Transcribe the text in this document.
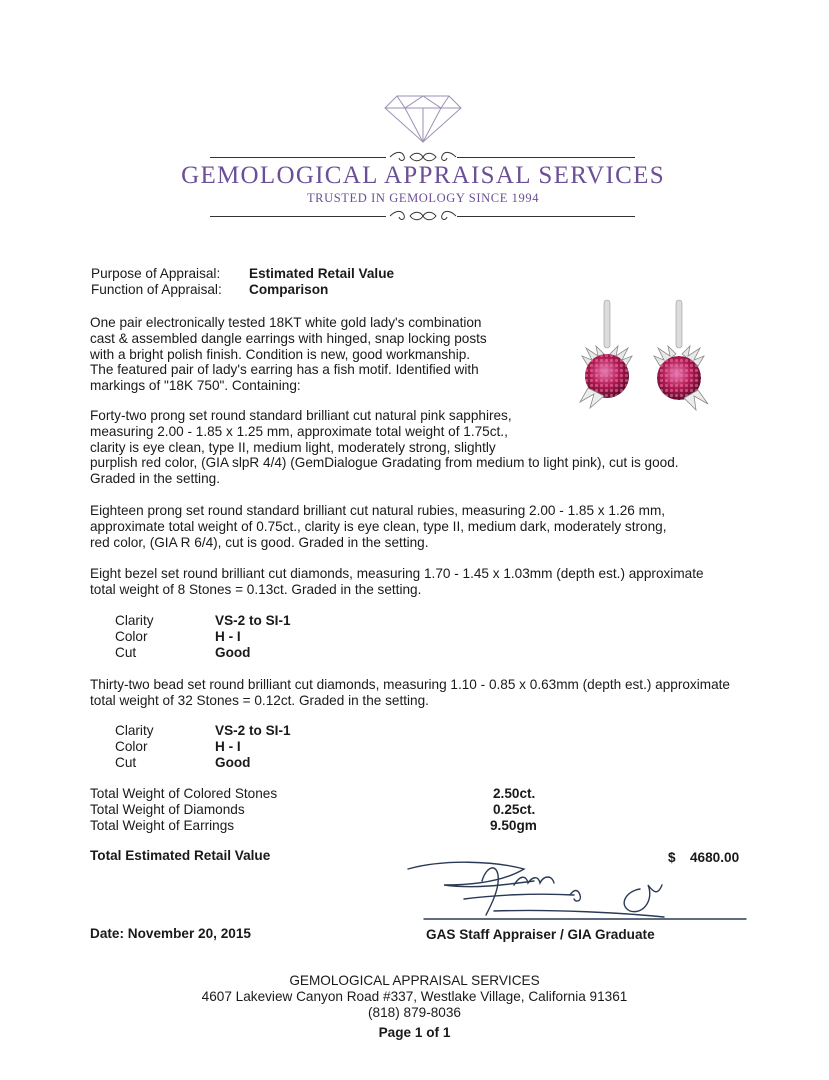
GEMOLOGICAL APPRAISAL SERVICES
TRUSTED IN GEMOLOGY SINCE 1994
Purpose of Appraisal: Estimated Retail Value
Function of Appraisal: Comparison
One pair electronically tested 18KT white gold lady's combination
cast & assembled dangle earrings with hinged, snap locking posts
with a bright polish finish. Condition is new, good workmanship.
The featured pair of lady's earring has a fish motif. Identified with
markings of "18K 750". Containing:
Forty-two prong set round standard brilliant cut natural pink sapphires,
measuring 2.00 - 1.85 x 1.25 mm, approximate total weight of 1.75ct.,
clarity is eye clean, type II, medium light, moderately strong, slightly
purplish red color, (GIA slpR 4/4) (GemDialogue Gradating from medium to light pink), cut is good.
Graded in the setting.
Eighteen prong set round standard brilliant cut natural rubies, measuring 2.00 - 1.85 x 1.26 mm,
approximate total weight of 0.75ct., clarity is eye clean, type II, medium dark, moderately strong,
red color, (GIA R 6/4), cut is good. Graded in the setting.
Eight bezel set round brilliant cut diamonds, measuring 1.70 - 1.45 x 1.03mm (depth est.) approximate
total weight of 8 Stones = 0.13ct. Graded in the setting.
Clarity	VS-2 to SI-1
Color	H - I
Cut	Good
Thirty-two bead set round brilliant cut diamonds, measuring 1.10 - 0.85 x 0.63mm (depth est.) approximate
total weight of 32 Stones = 0.12ct. Graded in the setting.
Clarity	VS-2 to SI-1
Color	H - I
Cut	Good
Total Weight of Colored Stones	2.50ct.
Total Weight of Diamonds	0.25ct.
Total Weight of Earrings	9.50gm
Total Estimated Retail Value	$ 4680.00
Date: November 20, 2015	GAS Staff Appraiser / GIA Graduate
GEMOLOGICAL APPRAISAL SERVICES
4607 Lakeview Canyon Road #337, Westlake Village, California 91361
(818) 879-8036
Page 1 of 1
